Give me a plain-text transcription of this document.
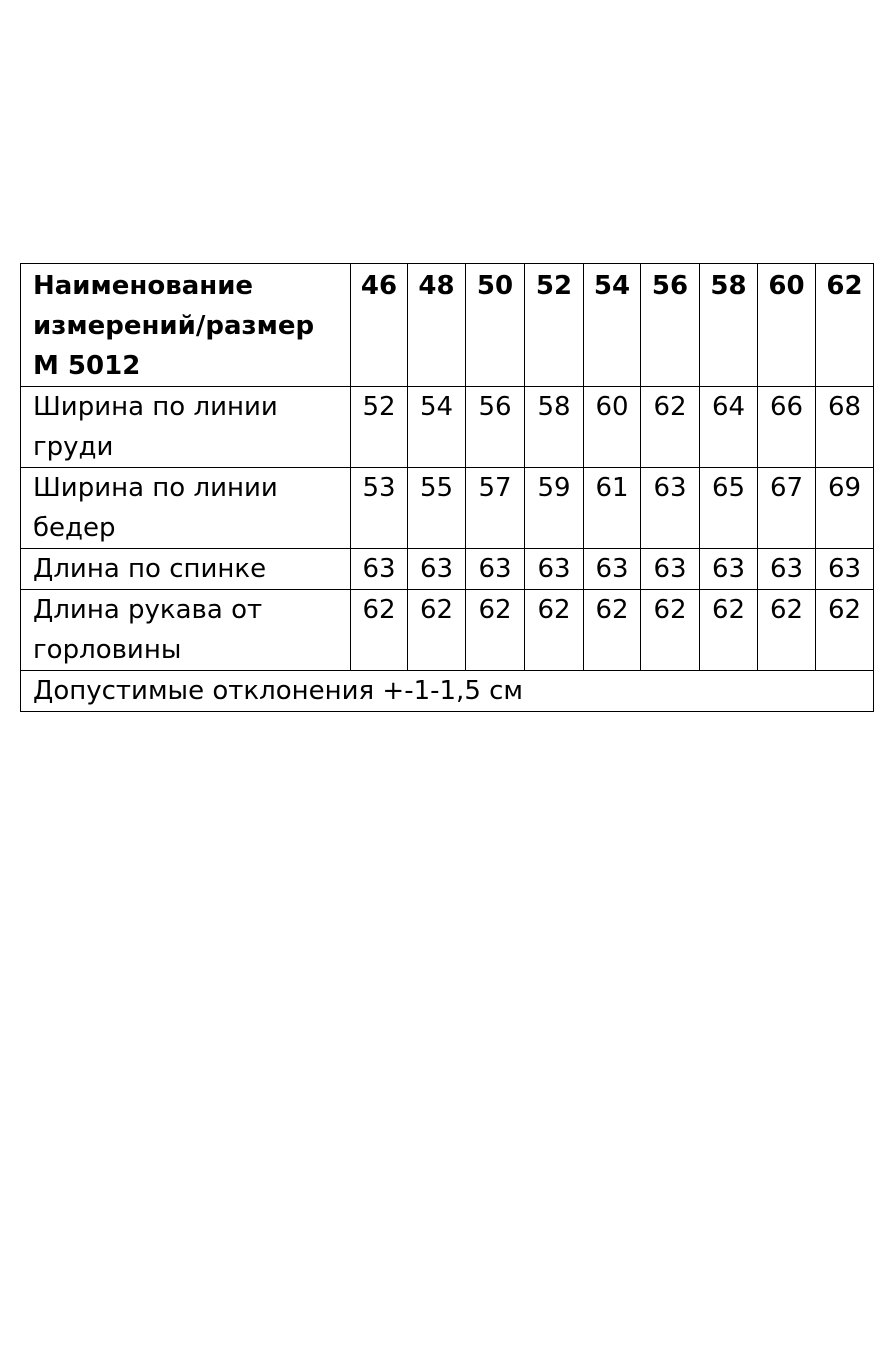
Наименование измерений/размер М 5012	46	48	50	52	54	56	58	60	62
Ширина по линии груди	52	54	56	58	60	62	64	66	68
Ширина по линии бедер	53	55	57	59	61	63	65	67	69
Длина по спинке	63	63	63	63	63	63	63	63	63
Длина рукава от горловины	62	62	62	62	62	62	62	62	62
Допустимые отклонения +-1-1,5 см									
